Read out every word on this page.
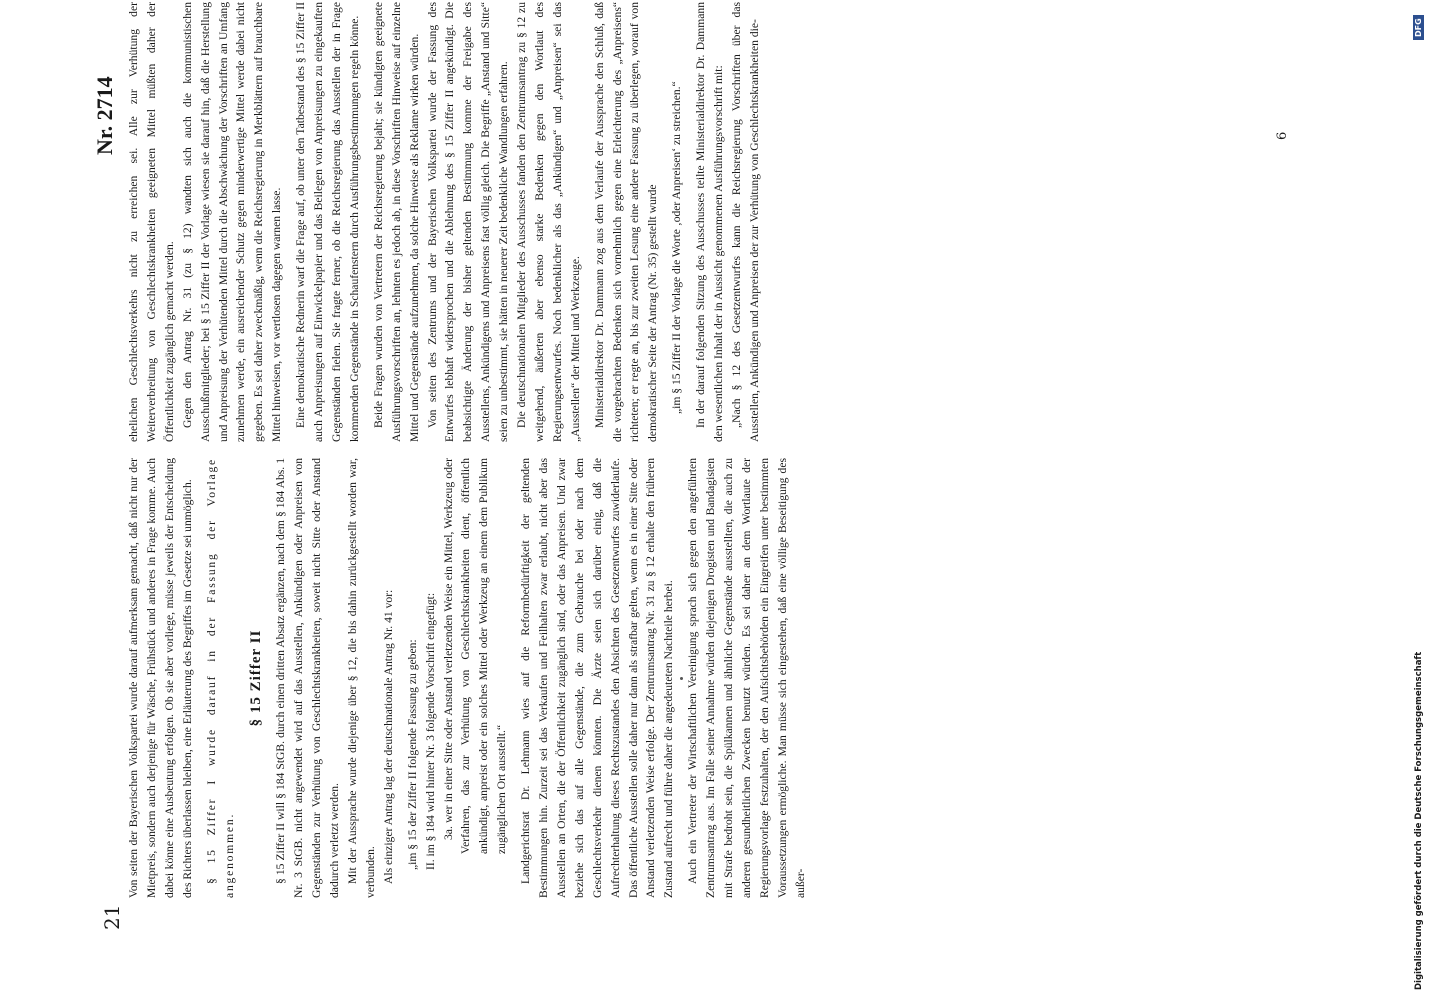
21
Nr. 2714

Von seiten der Bayerischen Volkspartei wurde darauf aufmerksam gemacht, daß nicht nur der Mietpreis, sondern auch derjenige für Wäsche, Frühstück und anderes in Frage komme. Auch dabei könne eine Ausbeutung erfolgen. Ob sie aber vorliege, müsse jeweils der Entscheidung des Richters überlassen bleiben, eine Erläuterung des Begriffes im Gesetze sei unmöglich. § 15 Ziffer I wurde darauf in der Fassung der Vorlage angenommen.

§ 15 Ziffer II § 15 Ziffer II will § 184 StGB. durch einen dritten Absatz ergänzen, nach dem § 184 Abs. 1 Nr. 3 StGB. nicht angewendet wird auf das Ausstellen, Ankündigen oder Anpreisen von Gegenständen zur Verhütung von Geschlechtskrankheiten, soweit nicht Sitte oder Anstand dadurch verletzt werden. Mit der Aussprache wurde diejenige über § 12, die bis dahin zurückgestellt worden war, verbunden. Als einziger Antrag lag der deutschnationale Antrag Nr. 41 vor: „im § 15 der Ziffer II folgende Fassung zu geben: II. im § 184 wird hinter Nr. 3 folgende Vorschrift eingefügt: 3a. wer in einer Sitte oder Anstand verletzenden Weise ein Mittel, Werkzeug oder Verfahren, das zur Verhütung von Geschlechtskrankheiten dient, öffentlich ankündigt, anpreist oder ein solches Mittel oder Werkzeug an einem dem Publikum zugänglichen Ort ausstellt.“ Landgerichtsrat Dr. Lehmann wies auf die Reformbedürftigkeit der geltenden Bestimmungen hin. Zurzeit sei das Verkaufen und Feilhalten zwar erlaubt, nicht aber das Ausstellen an Orten, die der Öffentlichkeit zugänglich sind, oder das Anpreisen. Und zwar beziehe sich das auf alle Gegenstände, die zum Gebrauche bei oder nach dem Geschlechtsverkehr dienen könnten. Die Ärzte seien sich darüber einig, daß die Aufrechterhaltung dieses Rechtszustandes den Absichten des Gesetzentwurfes zuwiderlaufe. Das öffentliche Ausstellen solle daher nur dann als strafbar gelten, wenn es in einer Sitte oder Anstand verletzenden Weise erfolge. Der Zentrumsantrag Nr. 31 zu § 12 erhalte den früheren Zustand aufrecht und führe daher die angedeuteten Nachteile herbei. Auch ein Vertreter der Wirtschaftlichen Vereinigung sprach sich gegen den angeführten Zentrumsantrag aus. Im Falle seiner Annahme würden diejenigen Drogisten und Bandagisten mit Strafe bedroht sein, die Spülkannen und ähnliche Gegenstände ausstellten, die auch zu anderen gesundheitlichen Zwecken benutzt würden. Es sei daher an dem Wortlaute der Regierungsvorlage festzuhalten, der den Aufsichtsbehörden ein Eingreifen unter bestimmten Voraussetzungen ermögliche. Man müsse sich eingestehen, daß eine völlige Beseitigung des außer-

ehelichen Geschlechtsverkehrs nicht zu erreichen sei. Alle zur Verhütung der Weiterverbreitung von Geschlechtskrankheiten geeigneten Mittel müßten daher der Öffentlichkeit zugänglich gemacht werden. Gegen den Antrag Nr. 31 (zu § 12) wandten sich auch die kommunistischen Ausschußmitglieder; bei § 15 Ziffer II der Vorlage wiesen sie darauf hin, daß die Herstellung und Anpreisung der Verhütenden Mittel durch die Abschwächung der Vorschriften an Umfang zunehmen werde, ein ausreichender Schutz gegen minderwertige Mittel werde dabei nicht gegeben. Es sei daher zweckmäßig, wenn die Reichsregierung in Merkblättern auf brauchbare Mittel hinweisen, vor wertlosen dagegen warnen lasse. Eine demokratische Rednerin warf die Frage auf, ob unter den Tatbestand des § 15 Ziffer II auch Anpreisungen auf Einwickelpapier und das Beilegen von Anpreisungen zu eingekauften Gegenständen fielen. Sie fragte ferner, ob die Reichsregierung das Ausstellen der in Frage kommenden Gegenstände in Schaufenstern durch Ausführungsbestimmungen regeln könne. Beide Fragen wurden von Vertretern der Reichsregierung bejaht; sie kündigten geeignete Ausführungsvorschriften an, lehnten es jedoch ab, in diese Vorschriften Hinweise auf einzelne Mittel und Gegenstände aufzunehmen, da solche Hinweise als Reklame wirken würden. Von seiten des Zentrums und der Bayerischen Volkspartei wurde der Fassung des Entwurfes lebhaft widersprochen und die Ablehnung des § 15 Ziffer II angekündigt. Die beabsichtigte Änderung der bisher geltenden Bestimmung komme der Freigabe des Ausstellens, Ankündigens und Anpreisens fast völlig gleich. Die Begriffe „Anstand und Sitte“ seien zu unbestimmt, sie hätten in neuerer Zeit bedenkliche Wandlungen erfahren. Die deutschnationalen Mitglieder des Ausschusses fanden den Zentrumsantrag zu § 12 zu weitgehend, äußerten aber ebenso starke Bedenken gegen den Wortlaut des Regierungsentwurfes. Noch bedenklicher als das „Ankündigen“ und „Anpreisen“ sei das „Ausstellen“ der Mittel und Werkzeuge. Ministerialdirektor Dr. Dammann zog aus dem Verlaufe der Aussprache den Schluß, daß die vorgebrachten Bedenken sich vornehmlich gegen eine Erleichterung des „Anpreisens“ richteten; er regte an, bis zur zweiten Lesung eine andere Fassung zu überlegen, worauf von demokratischer Seite der Antrag (Nr. 35) gestellt wurde „im § 15 Ziffer II der Vorlage die Worte ‚oder Anpreisen‘ zu streichen.“ In der darauf folgenden Sitzung des Ausschusses teilte Ministerialdirektor Dr. Dammann den wesentlichen Inhalt der in Aussicht genommenen Ausführungsvorschrift mit: „Nach § 12 des Gesetzentwurfes kann die Reichsregierung Vorschriften über das Ausstellen, Ankündigen und Anpreisen der zur Verhütung von Geschlechtskrankheiten die-	6
Digitalisierung gefördert durch die Deutsche Forschungsgemeinschaft
DFG
